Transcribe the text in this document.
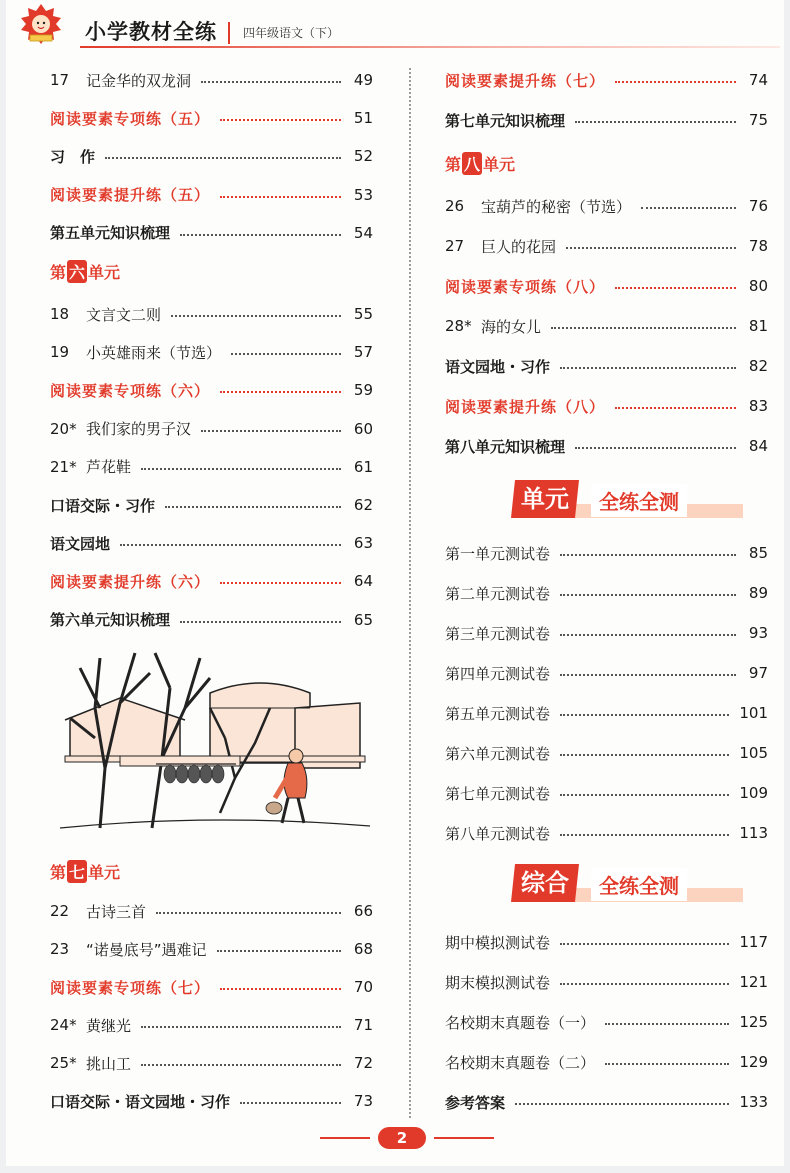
小学教材全练 四年级语文（下）
17	记金华的双龙洞	49
阅读要素专项练（五）	51
习　作	52
阅读要素提升练（五）	53
第五单元知识梳理	54
第 六 单元
18	文言文二则	55
19	小英雄雨来（节选）	57
阅读要素专项练（六）	59
20* 我们家的男子汉	60
21* 芦花鞋	61
口语交际・习作	62
语文园地	63
阅读要素提升练（六）	64
第六单元知识梳理	65
第 七 单元
22	古诗三首	66
23	“诺曼底号”遇难记	68
阅读要素专项练（七）	70
24* 黄继光	71
25* 挑山工	72
口语交际・语文园地・习作	73
阅读要素提升练（七）	74
第七单元知识梳理	75
第 八 单元
26	宝葫芦的秘密（节选）	76
27	巨人的花园	78
阅读要素专项练（八）	80
28* 海的女儿	81
语文园地・习作	82
阅读要素提升练（八）	83
第八单元知识梳理	84
单元	全练全测
第一单元测试卷	85
第二单元测试卷	89
第三单元测试卷	93
第四单元测试卷	97
第五单元测试卷	101
第六单元测试卷	105
第七单元测试卷	109
第八单元测试卷	113
综合	全练全测
期中模拟测试卷	117
期末模拟测试卷	121
名校期末真题卷（一）	125
名校期末真题卷（二）	129
参考答案	133
2
